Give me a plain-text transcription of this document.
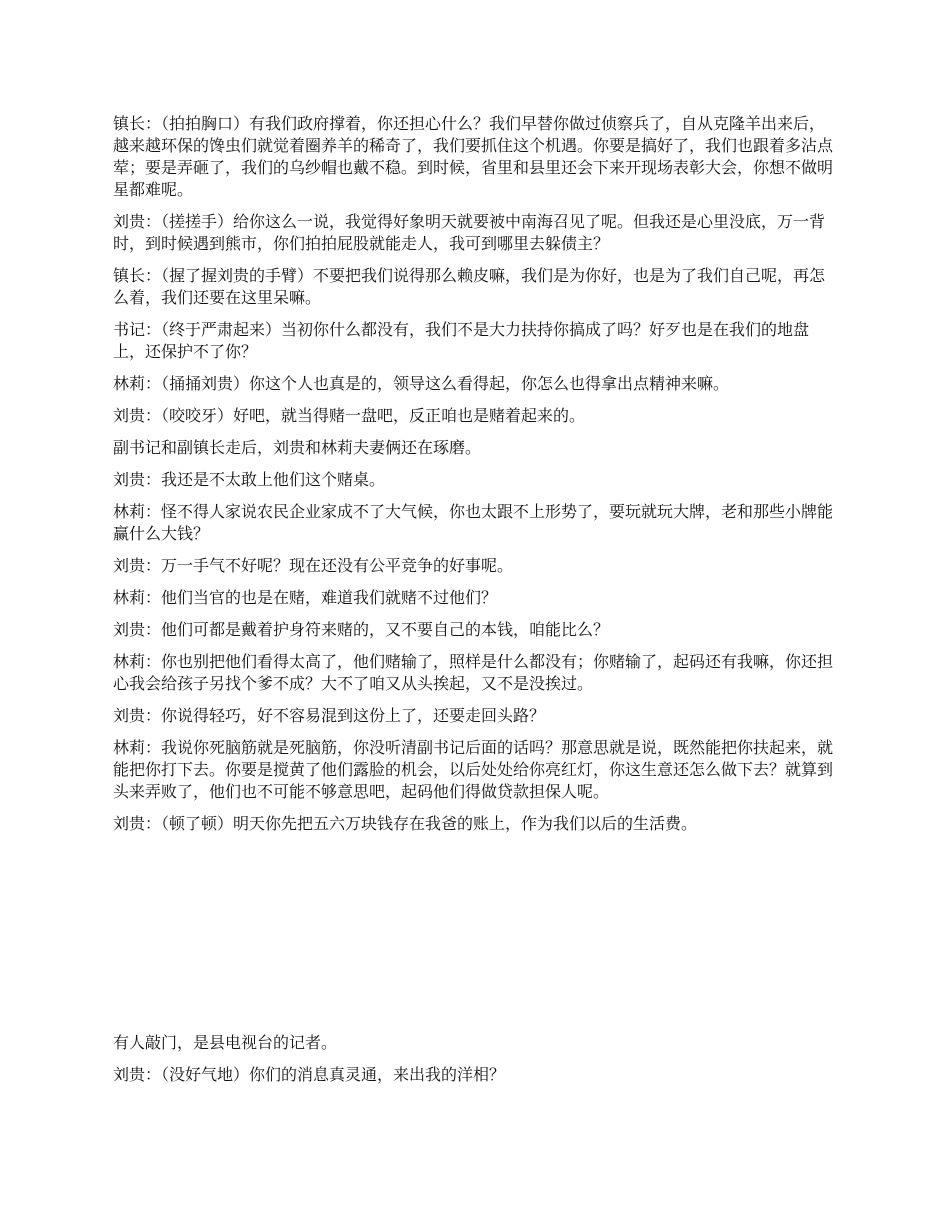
镇长：（拍拍胸口）有我们政府撑着，你还担心什么？我们早替你做过侦察兵了，自从克隆羊出来后，越来越环保的馋虫们就觉着圈养羊的稀奇了，我们要抓住这个机遇。你要是搞好了，我们也跟着多沾点荤；要是弄砸了，我们的乌纱帽也戴不稳。到时候，省里和县里还会下来开现场表彰大会，你想不做明星都难呢。

刘贵：（搓搓手）给你这么一说，我觉得好象明天就要被中南海召见了呢。但我还是心里没底，万一背时，到时候遇到熊市，你们拍拍屁股就能走人，我可到哪里去躲债主？

镇长：（握了握刘贵的手臂）不要把我们说得那么赖皮嘛，我们是为你好，也是为了我们自己呢，再怎么着，我们还要在这里呆嘛。

书记：（终于严肃起来）当初你什么都没有，我们不是大力扶持你搞成了吗？好歹也是在我们的地盘上，还保护不了你？

林莉：（捅捅刘贵）你这个人也真是的，领导这么看得起，你怎么也得拿出点精神来嘛。

刘贵：（咬咬牙）好吧，就当得赌一盘吧，反正咱也是赌着起来的。

副书记和副镇长走后，刘贵和林莉夫妻俩还在琢磨。

刘贵：我还是不太敢上他们这个赌桌。

林莉：怪不得人家说农民企业家成不了大气候，你也太跟不上形势了，要玩就玩大牌，老和那些小牌能赢什么大钱？

刘贵：万一手气不好呢？现在还没有公平竞争的好事呢。

林莉：他们当官的也是在赌，难道我们就赌不过他们？

刘贵：他们可都是戴着护身符来赌的，又不要自己的本钱，咱能比么？

林莉：你也别把他们看得太高了，他们赌输了，照样是什么都没有；你赌输了，起码还有我嘛，你还担心我会给孩子另找个爹不成？大不了咱又从头挨起，又不是没挨过。

刘贵：你说得轻巧，好不容易混到这份上了，还要走回头路？

林莉：我说你死脑筋就是死脑筋，你没听清副书记后面的话吗？那意思就是说，既然能把你扶起来，就能把你打下去。你要是搅黄了他们露脸的机会，以后处处给你亮红灯，你这生意还怎么做下去？就算到头来弄败了，他们也不可能不够意思吧，起码他们得做贷款担保人呢。

刘贵：（顿了顿）明天你先把五六万块钱存在我爸的账上，作为我们以后的生活费。

有人敲门，是县电视台的记者。

刘贵：（没好气地）你们的消息真灵通，来出我的洋相？
